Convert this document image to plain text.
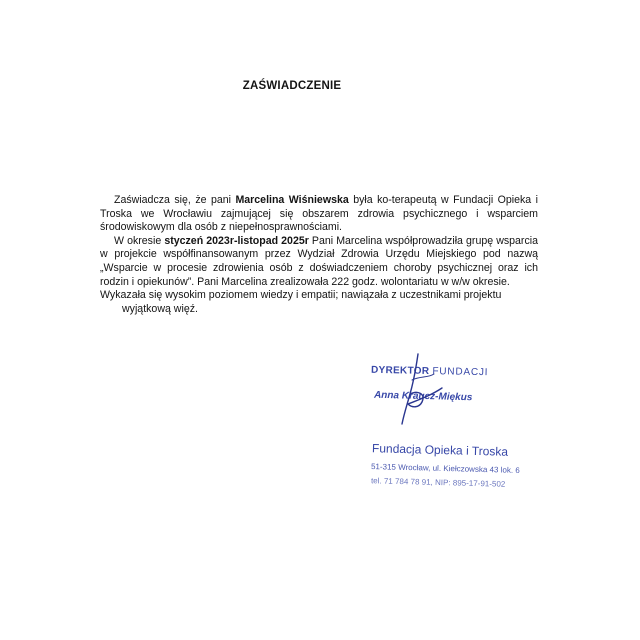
ZAŚWIADCZENIE

Zaświadcza się, że pani Marcelina Wiśniewska była ko-terapeutą w Fundacji Opieka i Troska we Wrocławiu zajmującej się obszarem zdrowia psychicznego i wsparciem środowiskowym dla osób z niepełnosprawnościami.

W okresie styczeń 2023r-listopad 2025r Pani Marcelina współprowadziła grupę wsparcia w projekcie współfinansowanym przez Wydział Zdrowia Urzędu Miejskiego pod nazwą „Wsparcie w procesie zdrowienia osób z doświadczeniem choroby psychicznej oraz ich rodzin i opiekunów”. Pani Marcelina zrealizowała 222 godz. wolontariatu w w/w okresie.

Wykazała się wysokim poziomem wiedzy i empatii; nawiązała z uczestnikami projektu

wyjątkową więź.

DYREKTOR FUNDACJI
Anna Kraucz-Miękus
Fundacja Opieka i Troska
51-315 Wrocław, ul. Kiełczowska 43 lok. 6
tel. 71 784 78 91, NIP: 895-17-91-502
